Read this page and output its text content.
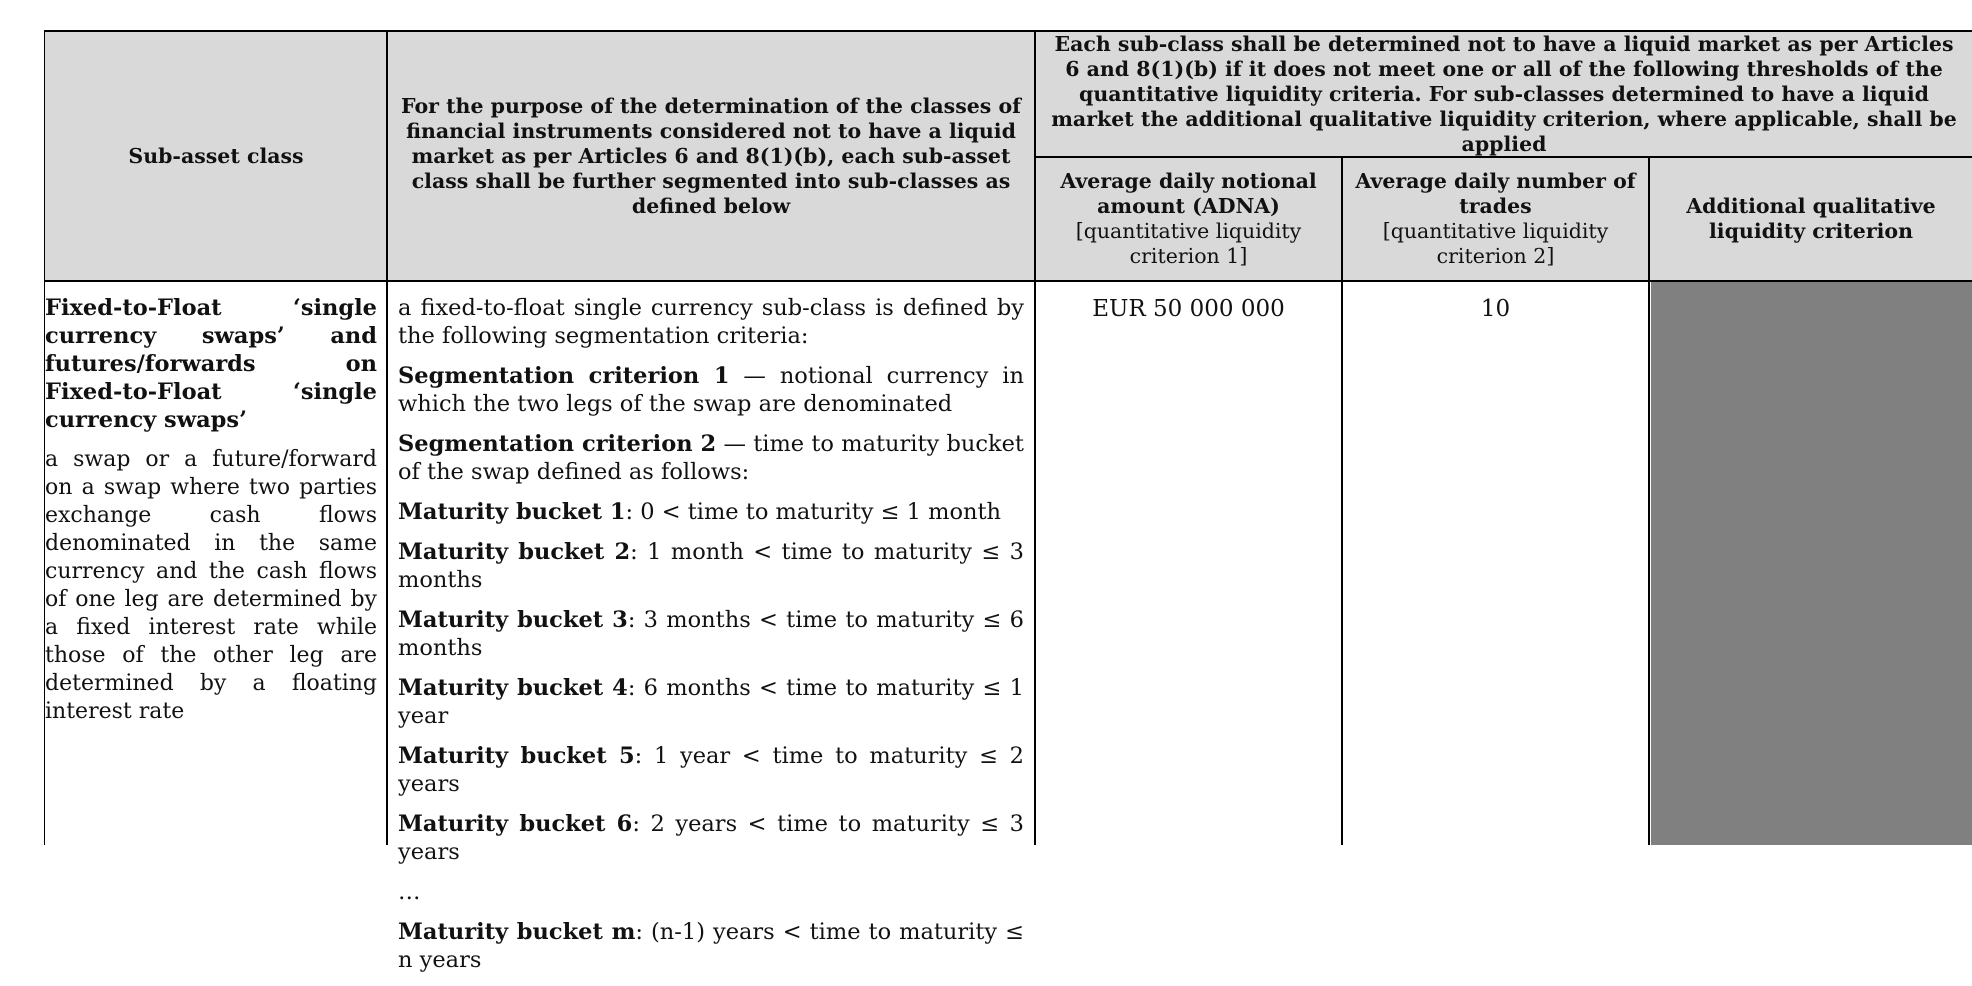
Sub-asset class
For the purpose of the determination of the classes of financial instruments considered not to have a liquid market as per Articles 6 and 8(1)(b), each sub-asset class shall be further segmented into sub-classes as defined below
Each sub-class shall be determined not to have a liquid market as per Articles 6 and 8(1)(b) if it does not meet one or all of the following thresholds of the quantitative liquidity criteria. For sub-classes determined to have a liquid market the additional qualitative liquidity criterion, where applicable, shall be applied
Average daily notional amount (ADNA)
[quantitative liquidity criterion 1]
Average daily number of trades
[quantitative liquidity criterion 2]
Additional qualitative liquidity criterion

Fixed-to-Float ‘single currency swaps’ and futures/forwards on Fixed-to-Float ‘single currency swaps’

a swap or a future/forward on a swap where two parties exchange cash flows denominated in the same currency and the cash flows of one leg are determined by a fixed interest rate while those of the other leg are determined by a floating interest rate

a fixed-to-float single currency sub-class is defined by the following segmentation criteria:

Segmentation criterion 1 — notional currency in which the two legs of the swap are denominated

Segmentation criterion 2 — time to maturity bucket of the swap defined as follows:

Maturity bucket 1: 0 < time to maturity ≤ 1 month

Maturity bucket 2: 1 month < time to maturity ≤ 3 months

Maturity bucket 3: 3 months < time to maturity ≤ 6 months

Maturity bucket 4: 6 months < time to maturity ≤ 1 year

Maturity bucket 5: 1 year < time to maturity ≤ 2 years

Maturity bucket 6: 2 years < time to maturity ≤ 3 years

…

Maturity bucket m: (n-1) years < time to maturity ≤ n years

EUR 50 000 000	10
